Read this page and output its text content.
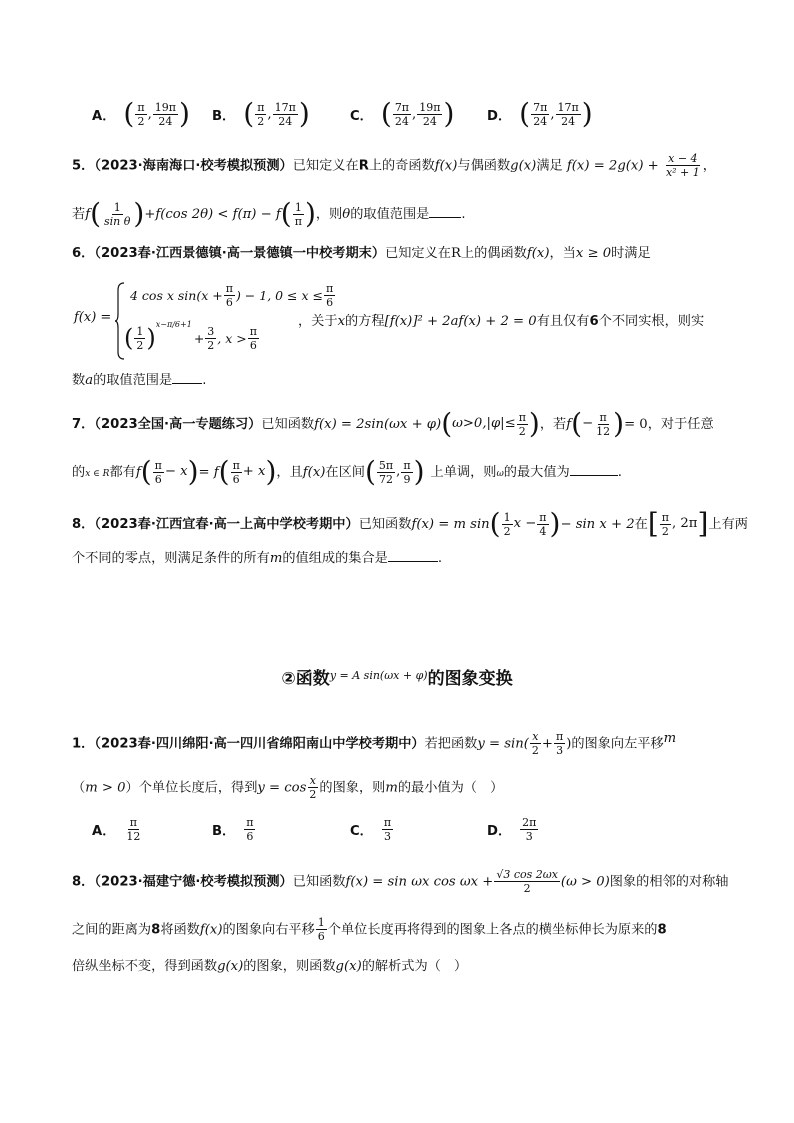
A． ( $\frac{\pi}{2}$ , $\frac{19\pi}{24}$ ) B． ( $\frac{\pi}{2}$ , $\frac{17\pi}{24}$ )	C． ( $\frac{7\pi}{24}$ , $\frac{19\pi}{24}$ ) D． ( $\frac{7\pi}{24}$ , $\frac{17\pi}{24}$ )
5．（2023·海南海口·校考模拟预测）已知定义在R上的奇函数f(x)与偶函数g(x)满足 $f(x) = 2g(x) + \frac{x - 4}{\text{x² + 1}}$ ，
若f ( $\frac{1}{\text{sin θ}}$ ) +f(cos 2θ) < f(π) − f ( $\frac{1}{\pi}$ ) ，则θ的取值范围是 .
6．（2023春·江西景德镇·高一景德镇一中校考期末）已知定义在R上的偶函数f(x)，当x ≥ 0时满足
f(x) =
4 cos x $\sin(x + \frac{\pi}{6}$ ) − 1, $0 \le x \le \frac{\pi}{6}$
( $\frac{1}{2} )^{x-\pi/6+1}$
+ $\frac{3}{2}$ , $x > \frac{\pi}{6}$
，关于x的方程[f(x)]² + 2af(x) + 2 = 0有且仅有6个不同实根，则实
数a的取值范围是 .
7．（2023全国·高一专题练习）已知函数f(x) = 2sin(ωx + φ) ( $\omega>0,|\varphi|\le \frac{\pi}{2}$ ) ，若f ( − $\frac{\pi}{12}$ ) = 0，对于任意
的x ∈ R都有f ( $\frac{\pi}{6} - x$ ) = f ( $\frac{\pi}{6} + x$ ) ，且f(x)在区间 ( $\frac{5\pi}{72}$ , $\frac{\pi}{9}$ ) 上单调，则ω的最大值为	.
8．（2023春·江西宜春·高一上高中学校考期中）已知函数f(x) = m sin ( $\frac{1}{2}$ $x - \frac{\pi}{4}$ ) − sin x + 2在 [ $\frac{\pi}{2}$ , 2π ] 上有两
个不同的零点，则满足条件的所有m的值组成的集合是	.
②函数$^{y = A sin(\omega x + \varphi)}$的图象变换
1．（2023春·四川绵阳·高一四川省绵阳南山中学校考期中）若把函数$y = \sin( \frac{x}{2} + \frac{\pi}{3}$ )的图象向左平移m
（m > 0）个单位长度后，得到$y = \cos \frac{x}{2}$ 的图象，则m的最小值为（　）
A． $\frac{\pi}{12}$	B． $\frac{\pi}{6}$	C． $\frac{\pi}{3}$	D． $\frac{2\pi}{3}$
8．（2023·福建宁德·校考模拟预测）已知函数f(x) = sin ωx $\cos \omega x + \frac{√3 \cos 2\omega x}{2} (\omega > 0)$图象的相邻的对称轴
之间的距离为8将函数f(x)的图象向右平移 $\frac{1}{6}$ 个单位长度再将得到的图象上各点的横坐标伸长为原来的8
倍纵坐标不变，得到函数g(x)的图象，则函数g(x)的解析式为（　）
